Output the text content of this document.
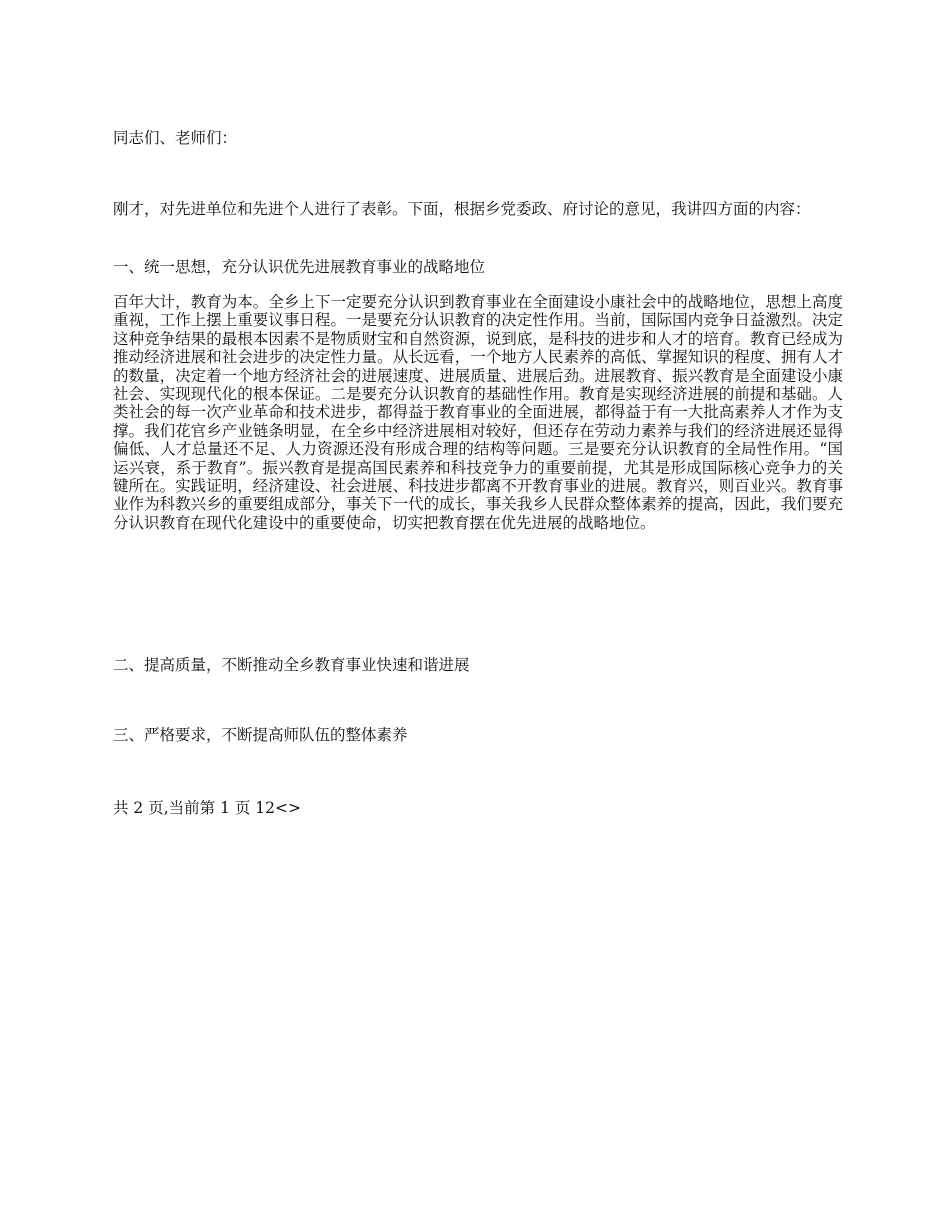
同志们、老师们：

刚才，对先进单位和先进个人进行了表彰。下面，根据乡党委政、府讨论的意见，我讲四方面的内容：

一、统一思想，充分认识优先进展教育事业的战略地位

百年大计，教育为本。全乡上下一定要充分认识到教育事业在全面建设小康社会中的战略地位，思想上高度重视，工作上摆上重要议事日程。一是要充分认识教育的决定性作用。当前，国际国内竞争日益激烈。决定这种竞争结果的最根本因素不是物质财宝和自然资源，说到底，是科技的进步和人才的培育。教育已经成为推动经济进展和社会进步的决定性力量。从长远看，一个地方人民素养的高低、掌握知识的程度、拥有人才的数量，决定着一个地方经济社会的进展速度、进展质量、进展后劲。进展教育、振兴教育是全面建设小康社会、实现现代化的根本保证。二是要充分认识教育的基础性作用。教育是实现经济进展的前提和基础。人类社会的每一次产业革命和技术进步，都得益于教育事业的全面进展，都得益于有一大批高素养人才作为支撑。我们花官乡产业链条明显，在全乡中经济进展相对较好，但还存在劳动力素养与我们的经济进展还显得偏低、人才总量还不足、人力资源还没有形成合理的结构等问题。三是要充分认识教育的全局性作用。“国运兴衰，系于教育”。振兴教育是提高国民素养和科技竞争力的重要前提，尤其是形成国际核心竞争力的关键所在。实践证明，经济建设、社会进展、科技进步都离不开教育事业的进展。教育兴，则百业兴。教育事业作为科教兴乡的重要组成部分，事关下一代的成长，事关我乡人民群众整体素养的提高，因此，我们要充分认识教育在现代化建设中的重要使命，切实把教育摆在优先进展的战略地位。

二、提高质量，不断推动全乡教育事业快速和谐进展

三、严格要求，不断提高师队伍的整体素养

共 2 页,当前第 1 页 12<>
